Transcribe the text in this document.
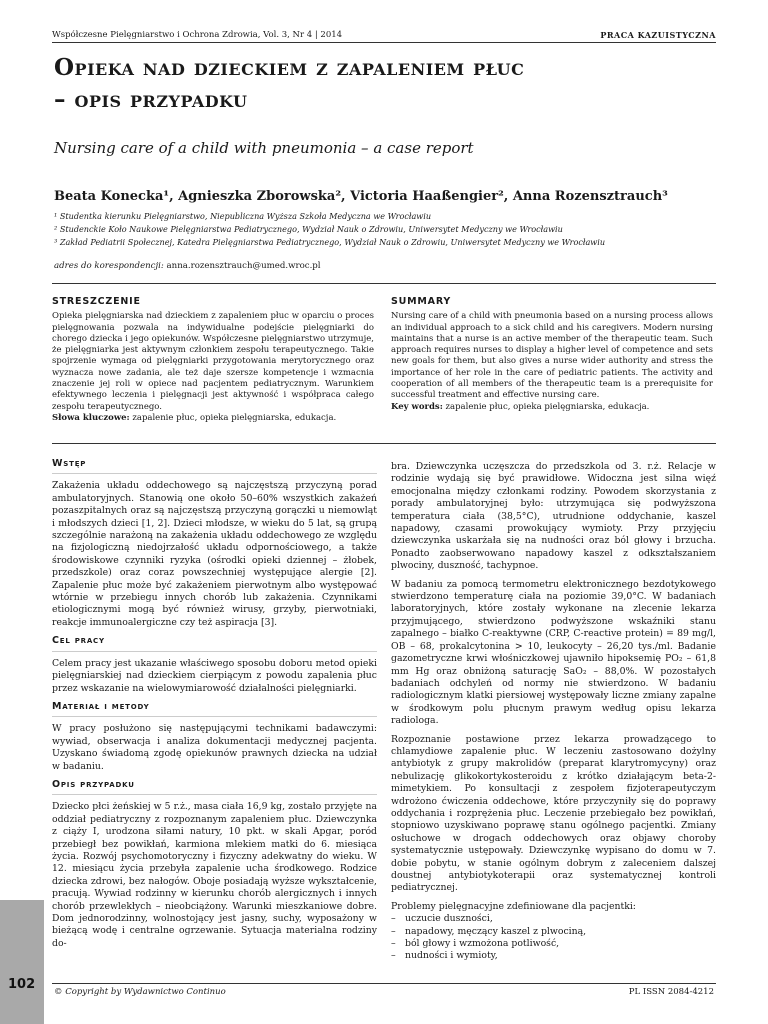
Współczesne Pielęgniarstwo i Ochrona Zdrowia, Vol. 3, Nr 4 | 2014	PRACA KAZUISTYCZNA
Opieka nad dzieckiem z zapaleniem płuc
– opis przypadku
Nursing care of a child with pneumonia – a case report
Beata Konecka¹, Agnieszka Zborowska², Victoria Haaßengier², Anna Rozensztrauch³
¹ Studentka kierunku Pielęgniarstwo, Niepubliczna Wyższa Szkoła Medyczna we Wrocławiu
² Studenckie Koło Naukowe Pielęgniarstwa Pediatrycznego, Wydział Nauk o Zdrowiu, Uniwersytet Medyczny we Wrocławiu
³ Zakład Pediatrii Społecznej, Katedra Pielęgniarstwa Pediatrycznego, Wydział Nauk o Zdrowiu, Uniwersytet Medyczny we Wrocławiu
adres do korespondencji: anna.rozensztrauch@umed.wroc.pl
STRESZCZENIE

Opieka pielęgniarska nad dzieckiem z zapaleniem płuc w oparciu o proces pielęgnowania pozwala na indywidualne podejście pielęgniarki do chorego dziecka i jego opiekunów. Współczesne pielęgniarstwo utrzymuje, że pielęgniarka jest aktywnym członkiem zespołu terapeutycznego. Takie spojrzenie wymaga od pielęgniarki przygotowania merytorycznego oraz wyznacza nowe zadania, ale też daje szersze kompetencje i wzmacnia znaczenie jej roli w opiece nad pacjentem pediatrycznym. Warunkiem efektywnego leczenia i pielęgnacji jest aktywność i współpraca całego zespołu terapeutycznego.

Słowa kluczowe: zapalenie płuc, opieka pielęgniarska, edukacja.

SUMMARY

Nursing care of a child with pneumonia based on a nursing process allows an individual approach to a sick child and his caregivers. Modern nursing maintains that a nurse is an active member of the therapeutic team. Such approach requires nurses to display a higher level of competence and sets new goals for them, but also gives a nurse wider authority and stress the importance of her role in the care of pediatric patients. The activity and cooperation of all members of the therapeutic team is a prerequisite for successful treatment and effective nursing care.

Key words: zapalenie płuc, opieka pielęgniarska, edukacja.

Wstęp

Zakażenia układu oddechowego są najczęstszą przyczyną porad ambulatoryjnych. Stanowią one około 50–60% wszystkich zakażeń pozaszpitalnych oraz są najczęstszą przyczyną gorączki u niemowląt i młodszych dzieci [1, 2]. Dzieci młodsze, w wieku do 5 lat, są grupą szczególnie narażoną na zakażenia układu oddechowego ze względu na fizjologiczną niedojrzałość układu odpornościowego, a także środowiskowe czynniki ryzyka (ośrodki opieki dziennej – żłobek, przedszkole) oraz coraz powszechniej występujące alergie [2]. Zapalenie płuc może być zakażeniem pierwotnym albo występować wtórnie w przebiegu innych chorób lub zakażenia. Czynnikami etiologicznymi mogą być również wirusy, grzyby, pierwotniaki, reakcje immunoalergiczne czy też aspiracja [3].

Cel pracy

Celem pracy jest ukazanie właściwego sposobu doboru metod opieki pielęgniarskiej nad dzieckiem cierpiącym z powodu zapalenia płuc przez wskazanie na wielowymiarowość działalności pielęgniarki.

Materiał i metody

W pracy posłużono się następującymi technikami badawczymi: wywiad, obserwacja i analiza dokumentacji medycznej pacjenta. Uzyskano świadomą zgodę opiekunów prawnych dziecka na udział w badaniu.

Opis przypadku

Dziecko płci żeńskiej w 5 r.ż., masa ciała 16,9 kg, zostało przyjęte na oddział pediatryczny z rozpoznanym zapaleniem płuc. Dziewczynka z ciąży I, urodzona siłami natury, 10 pkt. w skali Apgar, poród przebiegł bez powikłań, karmiona mlekiem matki do 6. miesiąca życia. Rozwój psychomotoryczny i fizyczny adekwatny do wieku. W 12. miesiącu życia przebyła zapalenie ucha środkowego. Rodzice dziecka zdrowi, bez nałogów. Oboje posiadają wyższe wykształcenie, pracują. Wywiad rodzinny w kierunku chorób alergicznych i innych chorób przewlekłych – nieobciążony. Warunki mieszkaniowe dobre. Dom jednorodzinny, wolnostojący jest jasny, suchy, wyposażony w bieżącą wodę i centralne ogrzewanie. Sytuacja materialna rodziny do-

bra. Dziewczynka uczęszcza do przedszkola od 3. r.ż. Relacje w rodzinie wydają się być prawidłowe. Widoczna jest silna więź emocjonalna między członkami rodziny. Powodem skorzystania z porady ambulatoryjnej było: utrzymująca się podwyższona temperatura ciała (38,5°C), utrudnione oddychanie, kaszel napadowy, czasami prowokujący wymioty. Przy przyjęciu dziewczynka uskarżała się na nudności oraz ból głowy i brzucha. Ponadto zaobserwowano napadowy kaszel z odkształszaniem plwociny, duszność, tachypnoe.

W badaniu za pomocą termometru elektronicznego bezdotykowego stwierdzono temperaturę ciała na poziomie 39,0°C. W badaniach laboratoryjnych, które zostały wykonane na zlecenie lekarza przyjmującego, stwierdzono podwyższone wskaźniki stanu zapalnego – białko C-reaktywne (CRP, C-reactive protein) = 89 mg/l, OB – 68, prokalcytonina > 10, leukocyty – 26,20 tys./ml. Badanie gazometryczne krwi włośniczkowej ujawniło hipoksemię PO₂ – 61,8 mm Hg oraz obniżoną saturację SaO₂ – 88,0%. W pozostałych badaniach odchyleń od normy nie stwierdzono. W badaniu radiologicznym klatki piersiowej występowały liczne zmiany zapalne w środkowym polu płucnym prawym według opisu lekarza radiologa.

Rozpoznanie postawione przez lekarza prowadzącego to chlamydiowe zapalenie płuc. W leczeniu zastosowano dożylny antybiotyk z grupy makrolidów (preparat klarytromycyny) oraz nebulizację glikokortykosteroidu z krótko działającym beta-2-mimetykiem. Po konsultacji z zespołem fizjoterapeutyczym wdrożono ćwiczenia oddechowe, które przyczyniły się do poprawy oddychania i rozprężenia płuc. Leczenie przebiegało bez powikłań, stopniowo uzyskiwano poprawę stanu ogólnego pacjentki. Zmiany osłuchowe w drogach oddechowych oraz objawy choroby systematycznie ustępowały. Dziewczynkę wypisano do domu w 7. dobie pobytu, w stanie ogólnym dobrym z zaleceniem dalszej doustnej antybiotykoterapii oraz systematycznej kontroli pediatrycznej.

Problemy pielęgnacyjne zdefiniowane dla pacjentki:

– uczucie duszności,
– napadowy, męczący kaszel z plwociną,
– ból głowy i wzmożona potliwość,
– nudności i wymioty,
102 © Copyright by Wydawnictwo Continuo	PL ISSN 2084-4212
